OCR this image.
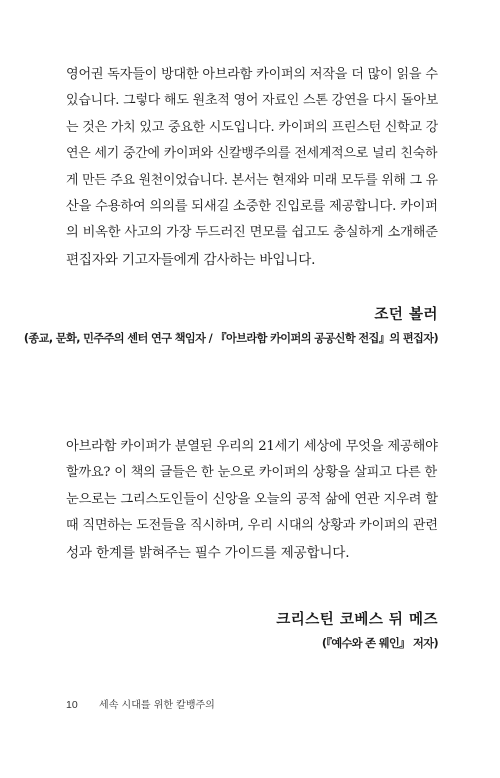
영어권 독자들이 방대한 아브라함 카이퍼의 저작을 더 많이 읽을 수
있습니다. 그렇다 해도 원초적 영어 자료인 스톤 강연을 다시 돌아보
는 것은 가치 있고 중요한 시도입니다. 카이퍼의 프린스턴 신학교 강
연은 세기 중간에 카이퍼와 신칼뱅주의를 전세계적으로 널리 친숙하
게 만든 주요 원천이었습니다. 본서는 현재와 미래 모두를 위해 그 유
산을 수용하여 의의를 되새길 소중한 진입로를 제공합니다. 카이퍼
의 비옥한 사고의 가장 두드러진 면모를 쉽고도 충실하게 소개해준
편집자와 기고자들에게 감사하는 바입니다.

조던 볼러
(종교, 문화, 민주주의 센터 연구 책임자 / 『아브라함 카이퍼의 공공신학 전집』의 편집자)

아브라함 카이퍼가 분열된 우리의 21세기 세상에 무엇을 제공해야
할까요? 이 책의 글들은 한 눈으로 카이퍼의 상황을 살피고 다른 한
눈으로는 그리스도인들이 신앙을 오늘의 공적 삶에 연관 지우려 할
때 직면하는 도전들을 직시하며, 우리 시대의 상황과 카이퍼의 관련
성과 한계를 밝혀주는 필수 가이드를 제공합니다.

크리스틴 코베스 뒤 메즈
(『예수와 존 웨인』 저자)
10 세속 시대를 위한 칼뱅주의
